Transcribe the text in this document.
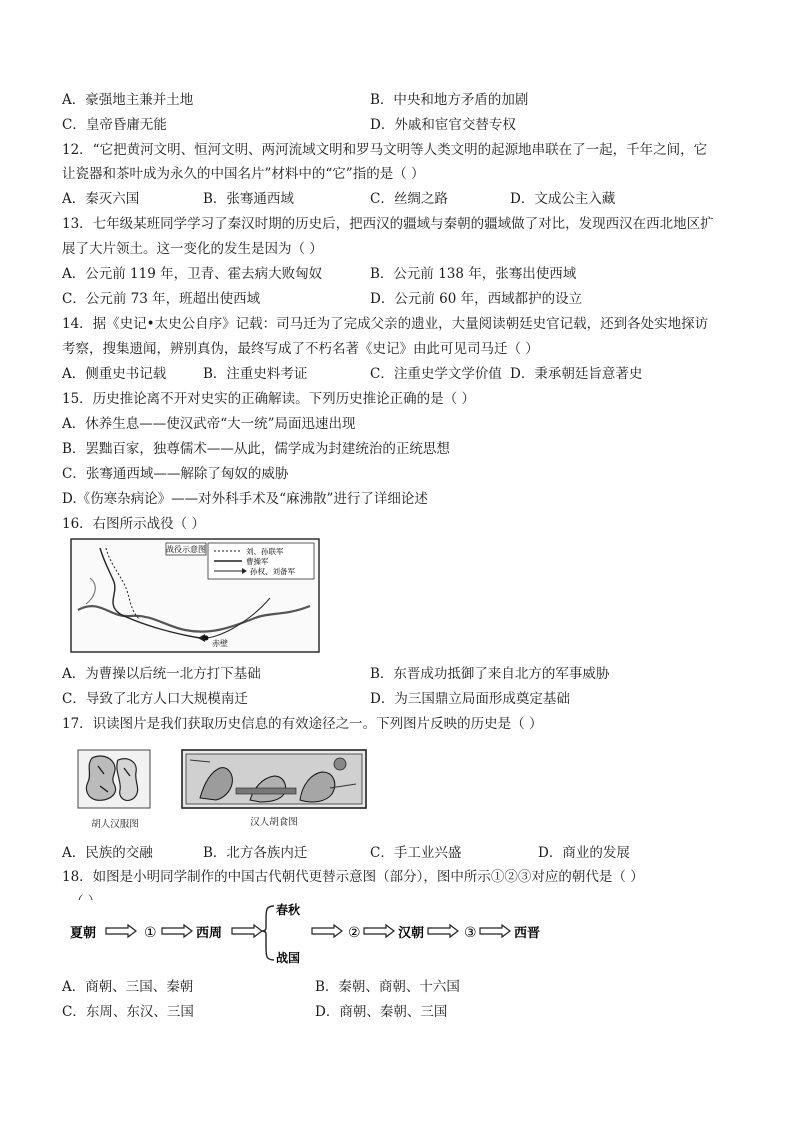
A．豪强地主兼并土地	B．中央和地方矛盾的加剧
C．皇帝昏庸无能	D．外戚和宦官交替专权
12．“它把黄河文明、恒河文明、两河流域文明和罗马文明等人类文明的起源地串联在了一起，千年之间，它
让瓷器和茶叶成为永久的中国名片”材料中的“它”指的是（ ）
A．秦灭六国	B．张骞通西域	C．丝绸之路	D．文成公主入藏
13．七年级某班同学学习了秦汉时期的历史后，把西汉的疆域与秦朝的疆域做了对比，发现西汉在西北地区扩
展了大片领土。这一变化的发生是因为（ ）
A．公元前 119 年，卫青、霍去病大败匈奴	B．公元前 138 年，张骞出使西域
C．公元前 73 年，班超出使西域	D．公元前 60 年，西域都护的设立
14．据《史记•太史公自序》记载：司马迁为了完成父亲的遗业，大量阅读朝廷史官记载，还到各处实地探访
考察，搜集遗闻，辨别真伪，最终写成了不朽名著《史记》由此可见司马迁（ ）
A．侧重史书记载	B．注重史料考证	C．注重史学文学价值 D．秉承朝廷旨意著史
15．历史推论离不开对史实的正确解读。下列历史推论正确的是（ ）
A．休养生息——使汉武帝“大一统”局面迅速出现
B．罢黜百家，独尊儒术——从此，儒学成为封建统治的正统思想
C．张骞通西域——解除了匈奴的威胁
D.《伤寒杂病论》——对外科手术及“麻沸散”进行了详细论述
16．右图所示战役（ ）
战役示意图	刘、孙联军
曹操军
孙权、刘备军
赤壁
A．为曹操以后统一北方打下基础	B．东晋成功抵御了来自北方的军事威胁
C．导致了北方人口大规模南迁	D．为三国鼎立局面形成奠定基础
17．识读图片是我们获取历史信息的有效途径之一。下列图片反映的历史是（ ）
胡人汉服图	汉人胡食图
A．民族的交融	B．北方各族内迁	C．手工业兴盛	D．商业的发展
18．如图是小明同学制作的中国古代朝代更替示意图（部分），图中所示①②③对应的朝代是（ ）
夏朝	①	西周
春秋
战国
②	汉朝	③	西晋
A．商朝、三国、秦朝	B．秦朝、商朝、十六国
C．东周、东汉、三国	D．商朝、秦朝、三国
